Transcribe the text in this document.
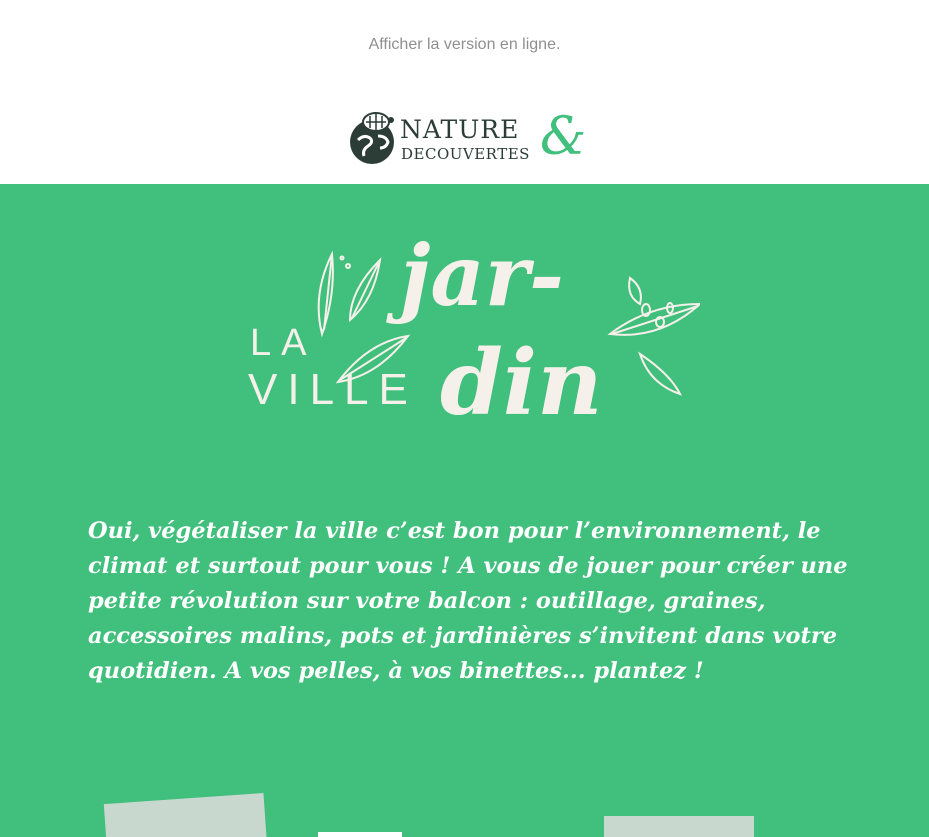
Afficher la version en ligne.
NATURE
DECOUVERTES &
LA
VILLE
jar-
din

Oui, végétaliser la ville c’est bon pour l’environnement, le climat et surtout pour vous ! A vous de jouer pour créer une petite révolution sur votre balcon : outillage, graines, accessoires malins, pots et jardinières s’invitent dans votre quotidien. A vos pelles, à vos binettes... plantez !
